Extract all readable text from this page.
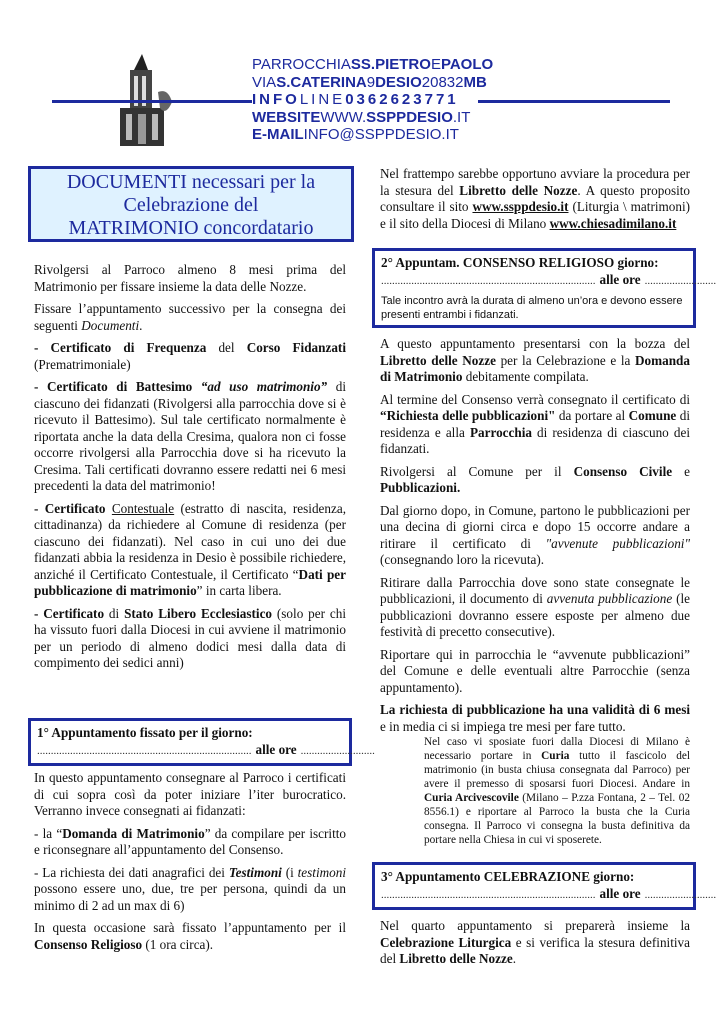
PARROCCHIASS.PIETROEPAOLO
VIAS.CATERINA9DESIO20832MB
INFOLINE0362623771
WEBSITEWWW.SSPPDESIO.IT
E-MAILINFO@SSPPDESIO.IT
DOCUMENTI necessari per la
Celebrazione del
MATRIMONIO concordatario

Rivolgersi al Parroco almeno 8 mesi prima del Matrimonio per fissare insieme la data delle Nozze.

Fissare l’appuntamento successivo per la consegna dei seguenti Documenti.

- Certificato di Frequenza del Corso Fidanzati (Prematrimoniale)

- Certificato di Battesimo “ad uso matrimonio” di ciascuno dei fidanzati (Rivolgersi alla parrocchia dove si è ricevuto il Battesimo). Sul tale certificato normalmente è riportata anche la data della Cresima, qualora non ci fosse occorre rivolgersi alla Parrocchia dove si ha ricevuto la Cresima. Tali certificati dovranno essere redatti nei 6 mesi precedenti la data del matrimonio!

- Certificato Contestuale (estratto di nascita, residenza, cittadinanza) da richiedere al Comune di residenza (per ciascuno dei fidanzati). Nel caso in cui uno dei due fidanzati abbia la residenza in Desio è possibile richiedere, anziché il Certificato Contestuale, il Certificato “Dati per pubblicazione di matrimonio” in carta libera.

- Certificato di Stato Libero Ecclesiastico (solo per chi ha vissuto fuori dalla Diocesi in cui avviene il matrimonio per un periodo di almeno dodici mesi dalla data di compimento dei sedici anni)

1° Appuntamento fissato per il giorno:
.............................................................................. alle ore ...........................

In questo appuntamento consegnare al Parroco i certificati di cui sopra così da poter iniziare l’iter burocratico. Verranno invece consegnati ai fidanzati:

- la “Domanda di Matrimonio” da compilare per iscritto e riconsegnare all’appuntamento del Consenso.

- La richiesta dei dati anagrafici dei Testimoni (i testimoni possono essere uno, due, tre per persona, quindi da un minimo di 2 ad un max di 6)

In questa occasione sarà fissato l’appuntamento per il Consenso Religioso (1 ora circa).

Nel frattempo sarebbe opportuno avviare la procedura per la stesura del Libretto delle Nozze. A questo proposito consultare il sito www.ssppdesio.it (Liturgia \ matrimoni) e il sito della Diocesi di Milano www.chiesadimilano.it

2° Appuntam. CONSENSO RELIGIOSO giorno:
.............................................................................. alle ore ..........................
Tale incontro avrà la durata di almeno un’ora e devono essere presenti entrambi i fidanzati.

A questo appuntamento presentarsi con la bozza del Libretto delle Nozze per la Celebrazione e la Domanda di Matrimonio debitamente compilata.

Al termine del Consenso verrà consegnato il certificato di “Richiesta delle pubblicazioni" da portare al Comune di residenza e alla Parrocchia di residenza di ciascuno dei fidanzati.

Rivolgersi al Comune per il Consenso Civile e Pubblicazioni.

Dal giorno dopo, in Comune, partono le pubblicazioni per una decina di giorni circa e dopo 15 occorre andare a ritirare il certificato di "avvenute pubblicazioni" (consegnando loro la ricevuta).

Ritirare dalla Parrocchia dove sono state consegnate le pubblicazioni, il documento di avvenuta pubblicazione (le pubblicazioni dovranno essere esposte per almeno due festività di precetto consecutive).

Riportare qui in parrocchia le “avvenute pubblicazioni” del Comune e delle eventuali altre Parrocchie (senza appuntamento).

La richiesta di pubblicazione ha una validità di 6 mesi e in media ci si impiega tre mesi per fare tutto.

Nel caso vi sposiate fuori dalla Diocesi di Milano è necessario portare in Curia tutto il fascicolo del matrimonio (in busta chiusa consegnata dal Parroco) per avere il premesso di sposarsi fuori Diocesi. Andare in Curia Arcivescovile (Milano – P.zza Fontana, 2 – Tel. 02 8556.1) e riportare al Parroco la busta che la Curia consegna. Il Parroco vi consegna la busta definitiva da portare nella Chiesa in cui vi sposerete.
3° Appuntamento CELEBRAZIONE giorno:
.............................................................................. alle ore ..........................

Nel quarto appuntamento si preparerà insieme la Celebrazione Liturgica e si verifica la stesura definitiva del Libretto delle Nozze.
